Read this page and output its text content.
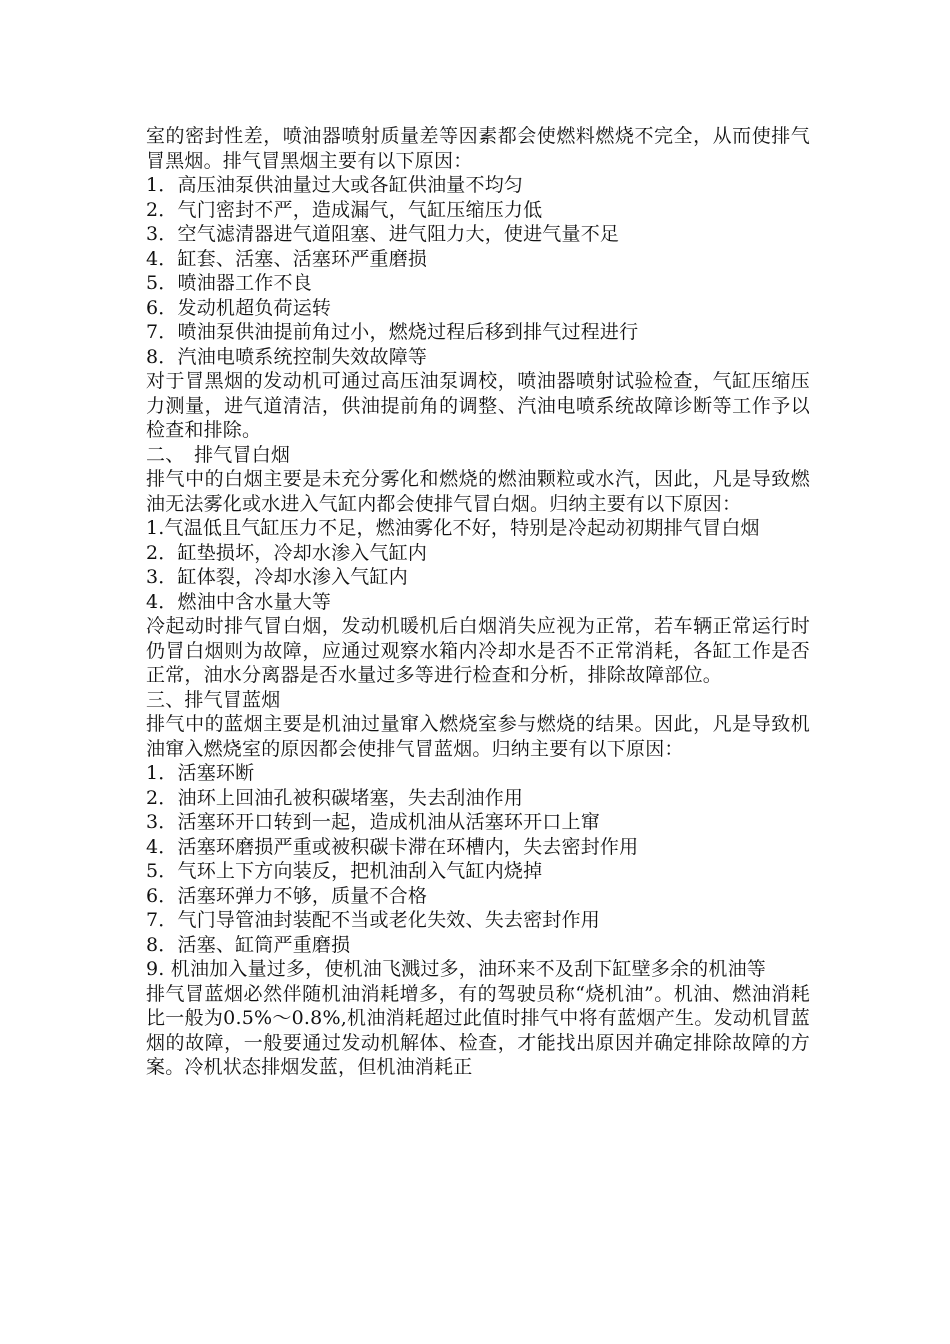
室的密封性差，喷油器喷射质量差等因素都会使燃料燃烧不完全，从而使排气冒黑烟。排气冒黑烟主要有以下原因：

1．高压油泵供油量过大或各缸供油量不均匀

2．气门密封不严，造成漏气，气缸压缩压力低

3．空气滤清器进气道阻塞、进气阻力大，使进气量不足

4．缸套、活塞、活塞环严重磨损

5．喷油器工作不良

6．发动机超负荷运转

7．喷油泵供油提前角过小，燃烧过程后移到排气过程进行

8．汽油电喷系统控制失效故障等

对于冒黑烟的发动机可通过高压油泵调校，喷油器喷射试验检查，气缸压缩压力测量，进气道清洁，供油提前角的调整、汽油电喷系统故障诊断等工作予以检查和排除。

二、　排气冒白烟

排气中的白烟主要是未充分雾化和燃烧的燃油颗粒或水汽，因此，凡是导致燃油无法雾化或水进入气缸内都会使排气冒白烟。归纳主要有以下原因：

1.气温低且气缸压力不足，燃油雾化不好，特别是冷起动初期排气冒白烟

2．缸垫损坏，冷却水渗入气缸内

3．缸体裂，冷却水渗入气缸内

4．燃油中含水量大等

冷起动时排气冒白烟，发动机暖机后白烟消失应视为正常，若车辆正常运行时仍冒白烟则为故障，应通过观察水箱内冷却水是否不正常消耗，各缸工作是否正常，油水分离器是否水量过多等进行检查和分析，排除故障部位。

三、排气冒蓝烟

排气中的蓝烟主要是机油过量窜入燃烧室参与燃烧的结果。因此，凡是导致机油窜入燃烧室的原因都会使排气冒蓝烟。归纳主要有以下原因：

1．活塞环断

2．油环上回油孔被积碳堵塞，失去刮油作用

3．活塞环开口转到一起，造成机油从活塞环开口上窜

4．活塞环磨损严重或被积碳卡滞在环槽内，失去密封作用

5．气环上下方向装反，把机油刮入气缸内烧掉

6．活塞环弹力不够，质量不合格

7．气门导管油封装配不当或老化失效、失去密封作用

8．活塞、缸筒严重磨损

9. 机油加入量过多，使机油飞溅过多，油环来不及刮下缸壁多余的机油等

排气冒蓝烟必然伴随机油消耗增多，有的驾驶员称“烧机油”。机油、燃油消耗比一般为0.5%～0.8%,机油消耗超过此值时排气中将有蓝烟产生。发动机冒蓝烟的故障，一般要通过发动机解体、检查，才能找出原因并确定排除故障的方案。冷机状态排烟发蓝，但机油消耗正
